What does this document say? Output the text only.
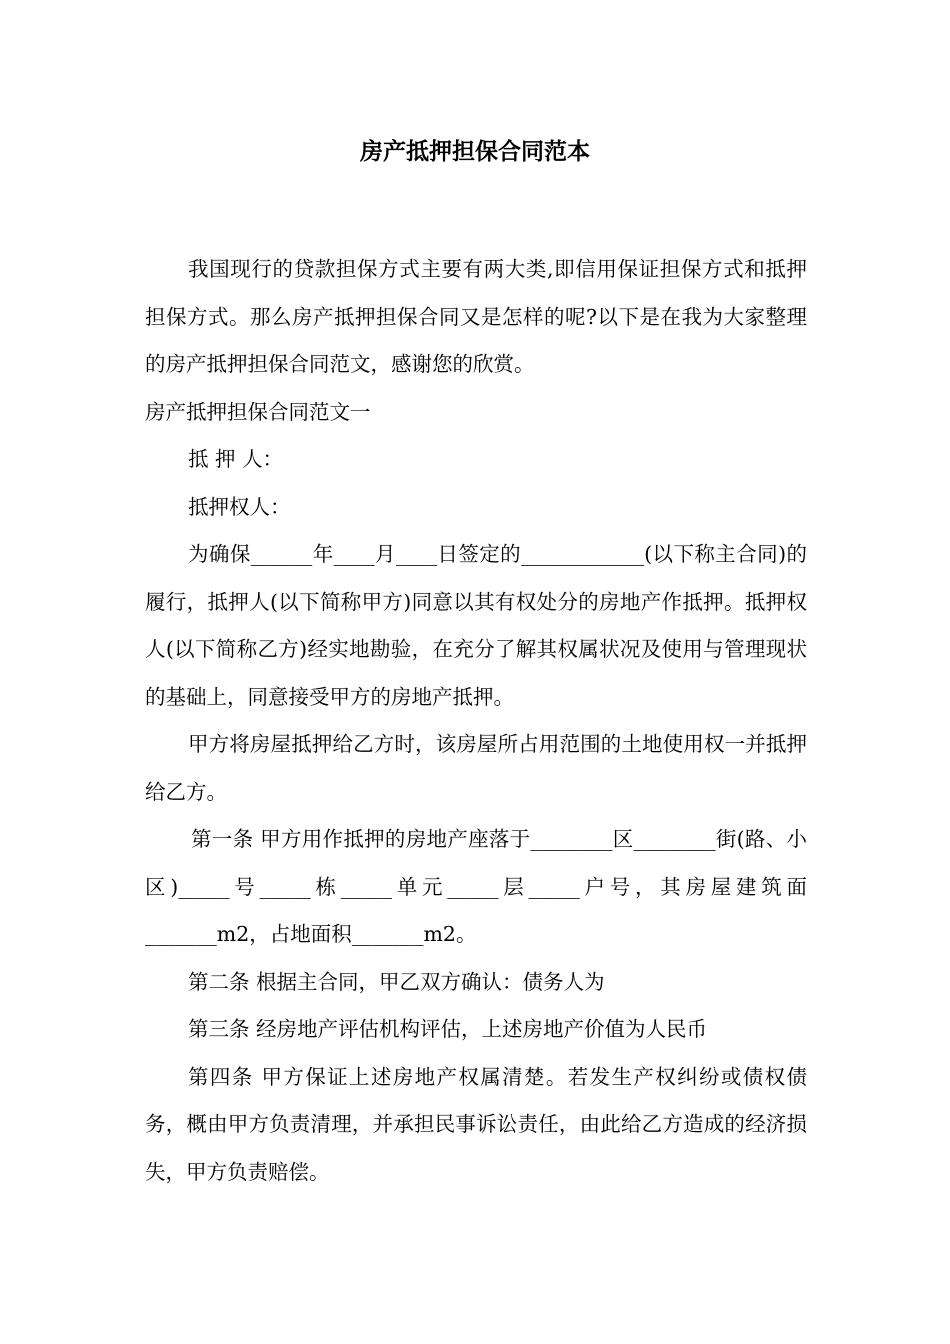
房产抵押担保合同范本

我国现行的贷款担保方式主要有两大类,即信用保证担保方式和抵押担保方式。那么房产抵押担保合同又是怎样的呢?以下是在我为大家整理的房产抵押担保合同范文，感谢您的欣赏。

房产抵押担保合同范文一

抵 押 人：

抵押权人：

为确保______年____月____日签定的____________(以下称主合同)的履行，抵押人(以下简称甲方)同意以其有权处分的房地产作抵押。抵押权人(以下简称乙方)经实地勘验，在充分了解其权属状况及使用与管理现状的基础上，同意接受甲方的房地产抵押。

甲方将房屋抵押给乙方时，该房屋所占用范围的土地使用权一并抵押给乙方。

第一条 甲方用作抵押的房地产座落于________区________街(路、小区)_____号_____栋_____单元_____层_____户号，其房屋建筑面_______m2，占地面积_______m2。

第二条 根据主合同，甲乙双方确认：债务人为

第三条 经房地产评估机构评估，上述房地产价值为人民币

第四条 甲方保证上述房地产权属清楚。若发生产权纠纷或债权债务，概由甲方负责清理，并承担民事诉讼责任，由此给乙方造成的经济损失，甲方负责赔偿。
